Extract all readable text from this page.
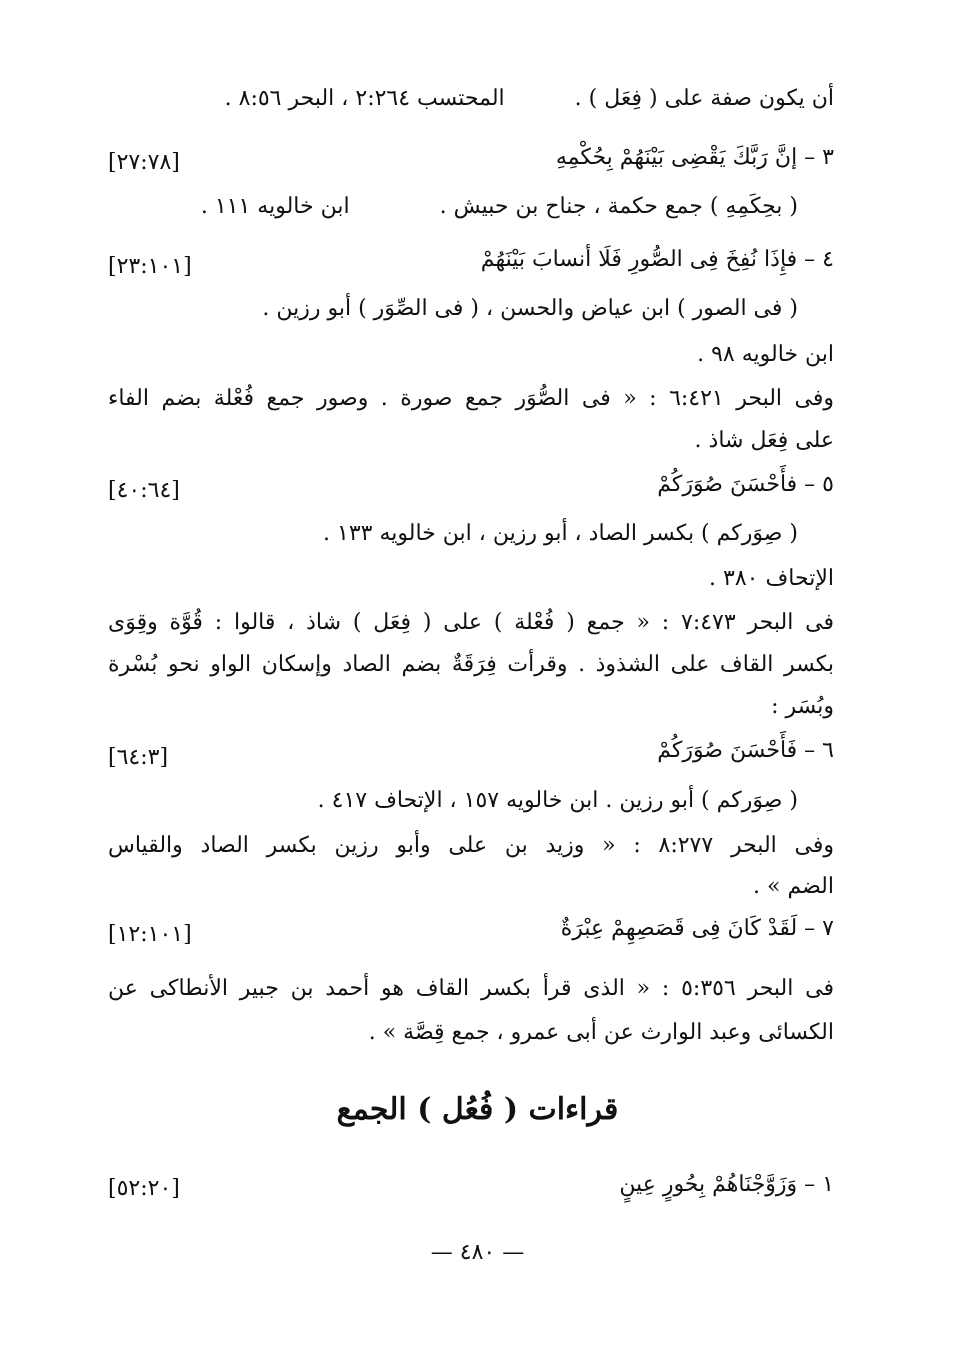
أن يكون صفة على ( فِعَل ) .المحتسب ٢:٢٦٤ ، البحر ٨:٥٦ .
٣ – إنَّ رَبَّكَ يَقْضِى بَيْنَهُمْ بِحُكْمِهِ
[٢٧:٧٨]
( بحِكَمِهِ ) جمع حكمة ، جناح بن حبيش .ابن خالويه ١١١ .
٤ – فإِذَا نُفِخَ فِى الصُّورِ فَلَا أنسابَ بَيْنَهُمْ
[٢٣:١٠١]
( فى الصور ) ابن عياض والحسن ، ( فى الصِّوَر ) أبو رزين .
ابن خالويه ٩٨ .
وفى البحر ٦:٤٢١ : « فى الصُّوَر جمع صورة . وصور جمع فُعْلة بضم الفاء
على فِعَل شاذ .
٥ – فأَحْسَنَ صُوَرَكُمْ
[٤٠:٦٤]
( صِوَركم ) بكسر الصاد ، أبو رزين ، ابن خالويه ١٣٣ .
الإتحاف ٣٨٠ .
فى البحر ٧:٤٧٣ : « جمع ( فُعْلة ) على ( فِعَل ) شاذ ، قالوا : قُوَّة وقِوَى
بكسر القاف على الشذوذ . وقرأت فِرَقَةٌ بضم الصاد وإسكان الواو نحو بُسْرة
وبُسَر :
٦ – فَأَحْسَنَ صُوَرَكُمْ
[٦٤:٣]
( صِوَركم ) أبو رزين . ابن خالويه ١٥٧ ، الإتحاف ٤١٧ .
وفى البحر ٨:٢٧٧ : « وزيد بن على وأبو رزين بكسر الصاد والقياس
الضم » .
٧ – لَقَدْ كَانَ فِى قَصَصِهِمْ عِبْرَةٌ
[١٢:١٠١]
فى البحر ٥:٣٥٦ : « الذى قرأ بكسر القاف هو أحمد بن جبير الأنطاكى عن
الكسائى وعبد الوارث عن أبى عمرو ، جمع قِصَّة » .
قراءات ( فُعُل ) الجمع
١ – وَزَوَّجْنَاهُمْ بِحُورٍ عِينٍ
[٥٢:٢٠]
— ٤٨٠ —
